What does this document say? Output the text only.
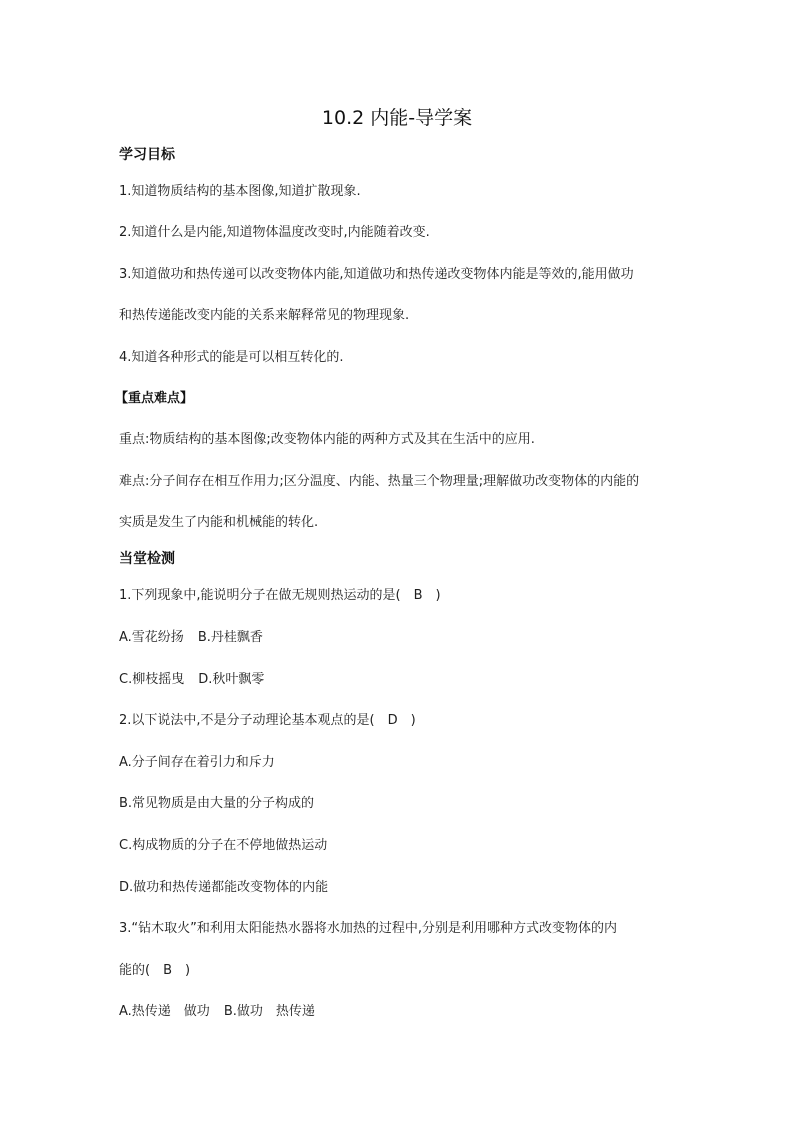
10.2 内能-导学案
学习目标
1.知道物质结构的基本图像,知道扩散现象.
2.知道什么是内能,知道物体温度改变时,内能随着改变.
3.知道做功和热传递可以改变物体内能,知道做功和热传递改变物体内能是等效的,能用做功
和热传递能改变内能的关系来解释常见的物理现象.
4.知道各种形式的能是可以相互转化的.
【重点难点】
重点:物质结构的基本图像;改变物体内能的两种方式及其在生活中的应用.
难点:分子间存在相互作用力;区分温度、内能、热量三个物理量;理解做功改变物体的内能的
实质是发生了内能和机械能的转化.
当堂检测
1.下列现象中,能说明分子在做无规则热运动的是(　B　)
A.雪花纷扬 B.丹桂飘香
C.柳枝摇曳 D.秋叶飘零
2.以下说法中,不是分子动理论基本观点的是(　D　)
A.分子间存在着引力和斥力
B.常见物质是由大量的分子构成的
C.构成物质的分子在不停地做热运动
D.做功和热传递都能改变物体的内能
3.“钻木取火”和利用太阳能热水器将水加热的过程中,分别是利用哪种方式改变物体的内
能的(　B　)
A.热传递　做功 B.做功　热传递
